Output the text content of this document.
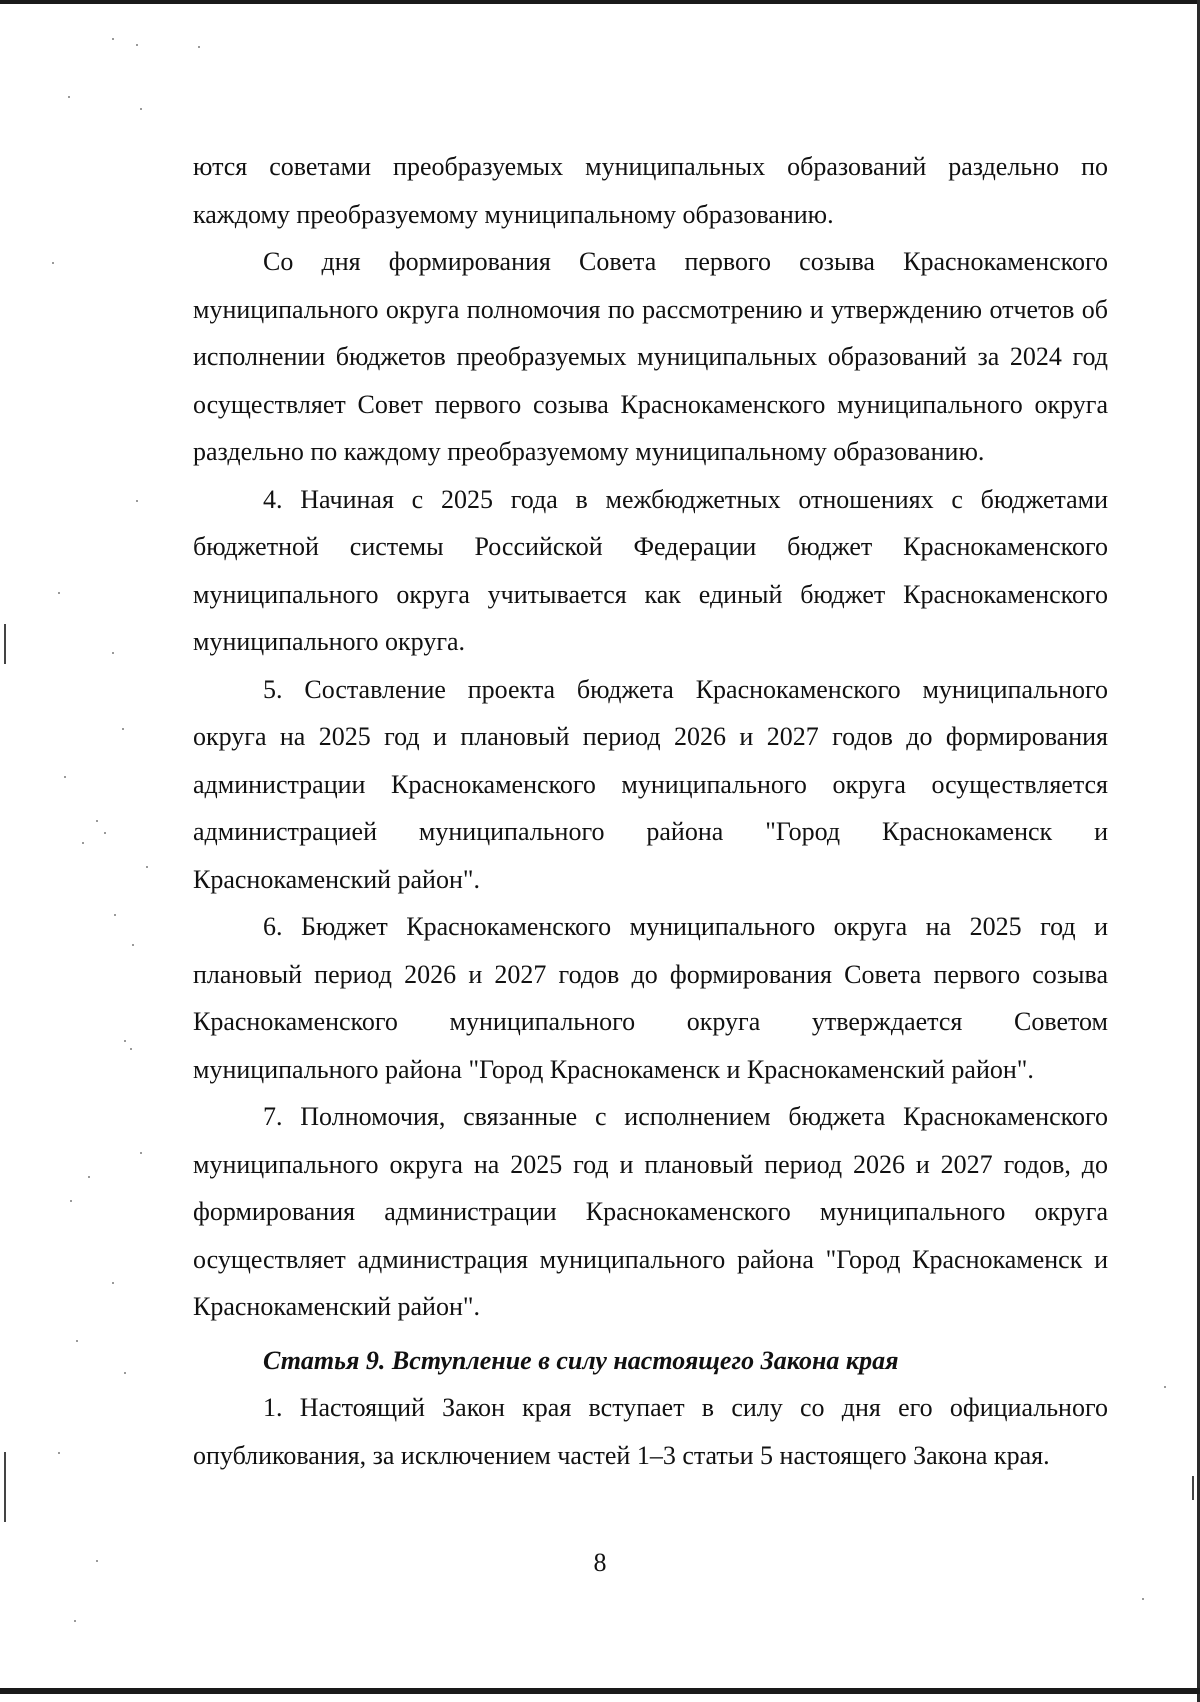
ются советами преобразуемых муниципальных образований раздельно по каждому преобразуемому муниципальному образованию.

Со дня формирования Совета первого созыва Краснокаменского муниципального округа полномочия по рассмотрению и утверждению отчетов об исполнении бюджетов преобразуемых муниципальных образований за 2024 год осуществляет Совет первого созыва Краснокаменского муниципального округа раздельно по каждому преобразуемому муниципальному образованию.

4. Начиная с 2025 года в межбюджетных отношениях с бюджетами бюджетной системы Российской Федерации бюджет Краснокаменского муниципального округа учитывается как единый бюджет Краснокаменского муниципального округа.

5. Составление проекта бюджета Краснокаменского муниципального округа на 2025 год и плановый период 2026 и 2027 годов до формирования администрации Краснокаменского муниципального округа осуществляется администрацией муниципального района "Город Краснокаменск и Краснокаменский район".

6. Бюджет Краснокаменского муниципального округа на 2025 год и плановый период 2026 и 2027 годов до формирования Совета первого созыва Краснокаменского муниципального округа утверждается Советом муниципального района "Город Краснокаменск и Краснокаменский район".

7. Полномочия, связанные с исполнением бюджета Краснокаменского муниципального округа на 2025 год и плановый период 2026 и 2027 годов, до формирования администрации Краснокаменского муниципального округа осуществляет администрация муниципального района "Город Краснокаменск и Краснокаменский район".

Статья 9. Вступление в силу настоящего Закона края

1. Настоящий Закон края вступает в силу со дня его официального опубликования, за исключением частей 1–3 статьи 5 настоящего Закона края.

8
